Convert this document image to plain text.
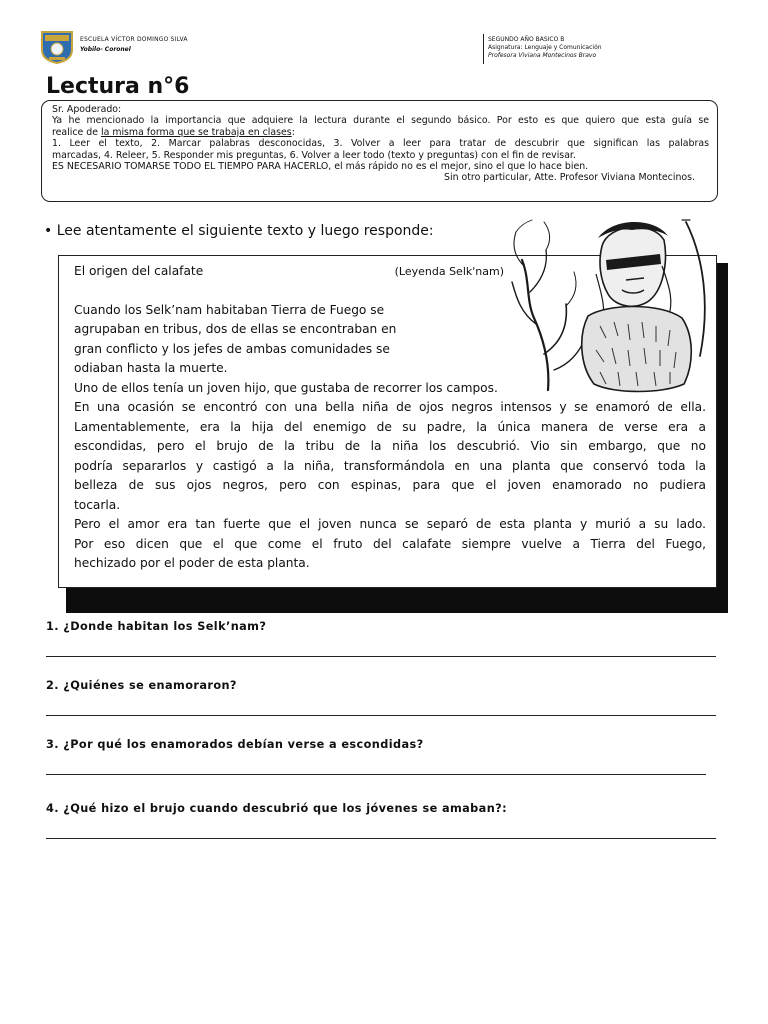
ESCUELA VÍCTOR DOMINGO SILVA
Yobilo- Coronel
SEGUNDO AÑO BASICO B
Asignatura: Lenguaje y Comunicación
Profesora Viviana Montecinos Bravo
Lectura n°6

Sr. Apoderado:

Ya he mencionado la importancia que adquiere la lectura durante el segundo básico. Por esto es que quiero que esta guía se

realice de la misma forma que se trabaja en clases:

1. Leer el texto, 2. Marcar palabras desconocidas, 3. Volver a leer para tratar de descubrir que significan las palabras

marcadas, 4. Releer, 5. Responder mis preguntas, 6. Volver a leer todo (texto y preguntas) con el fin de revisar.

ES NECESARIO TOMARSE TODO EL TIEMPO PARA HACERLO, el más rápido no es el mejor, sino el que lo hace bien.

Sin otro particular, Atte. Profesor Viviana Montecinos.

• Lee atentamente el siguiente texto y luego responde:
El origen del calafate	(Leyenda Selk'nam)

Cuando los Selk’nam habitaban Tierra de Fuego se

agrupaban en tribus, dos de ellas se encontraban en

gran conflicto y los jefes de ambas comunidades se

odiaban hasta la muerte.

Uno de ellos tenía un joven hijo, que gustaba de recorrer los campos.

En una ocasión se encontró con una bella niña de ojos negros intensos y se enamoró de ella.

Lamentablemente, era la hija del enemigo de su padre, la única manera de verse era a

escondidas, pero el brujo de la tribu de la niña los descubrió. Vio sin embargo, que no

podría separarlos y castigó a la niña, transformándola en una planta que conservó toda la

belleza de sus ojos negros, pero con espinas, para que el joven enamorado no pudiera

tocarla.

Pero el amor era tan fuerte que el joven nunca se separó de esta planta y murió a su lado.

Por eso dicen que el que come el fruto del calafate siempre vuelve a Tierra del Fuego,

hechizado por el poder de esta planta.

1. ¿Donde habitan los Selk’nam?
2. ¿Quiénes se enamoraron?
3. ¿Por qué los enamorados debían verse a escondidas?
4. ¿Qué hizo el brujo cuando descubrió que los jóvenes se amaban?:
